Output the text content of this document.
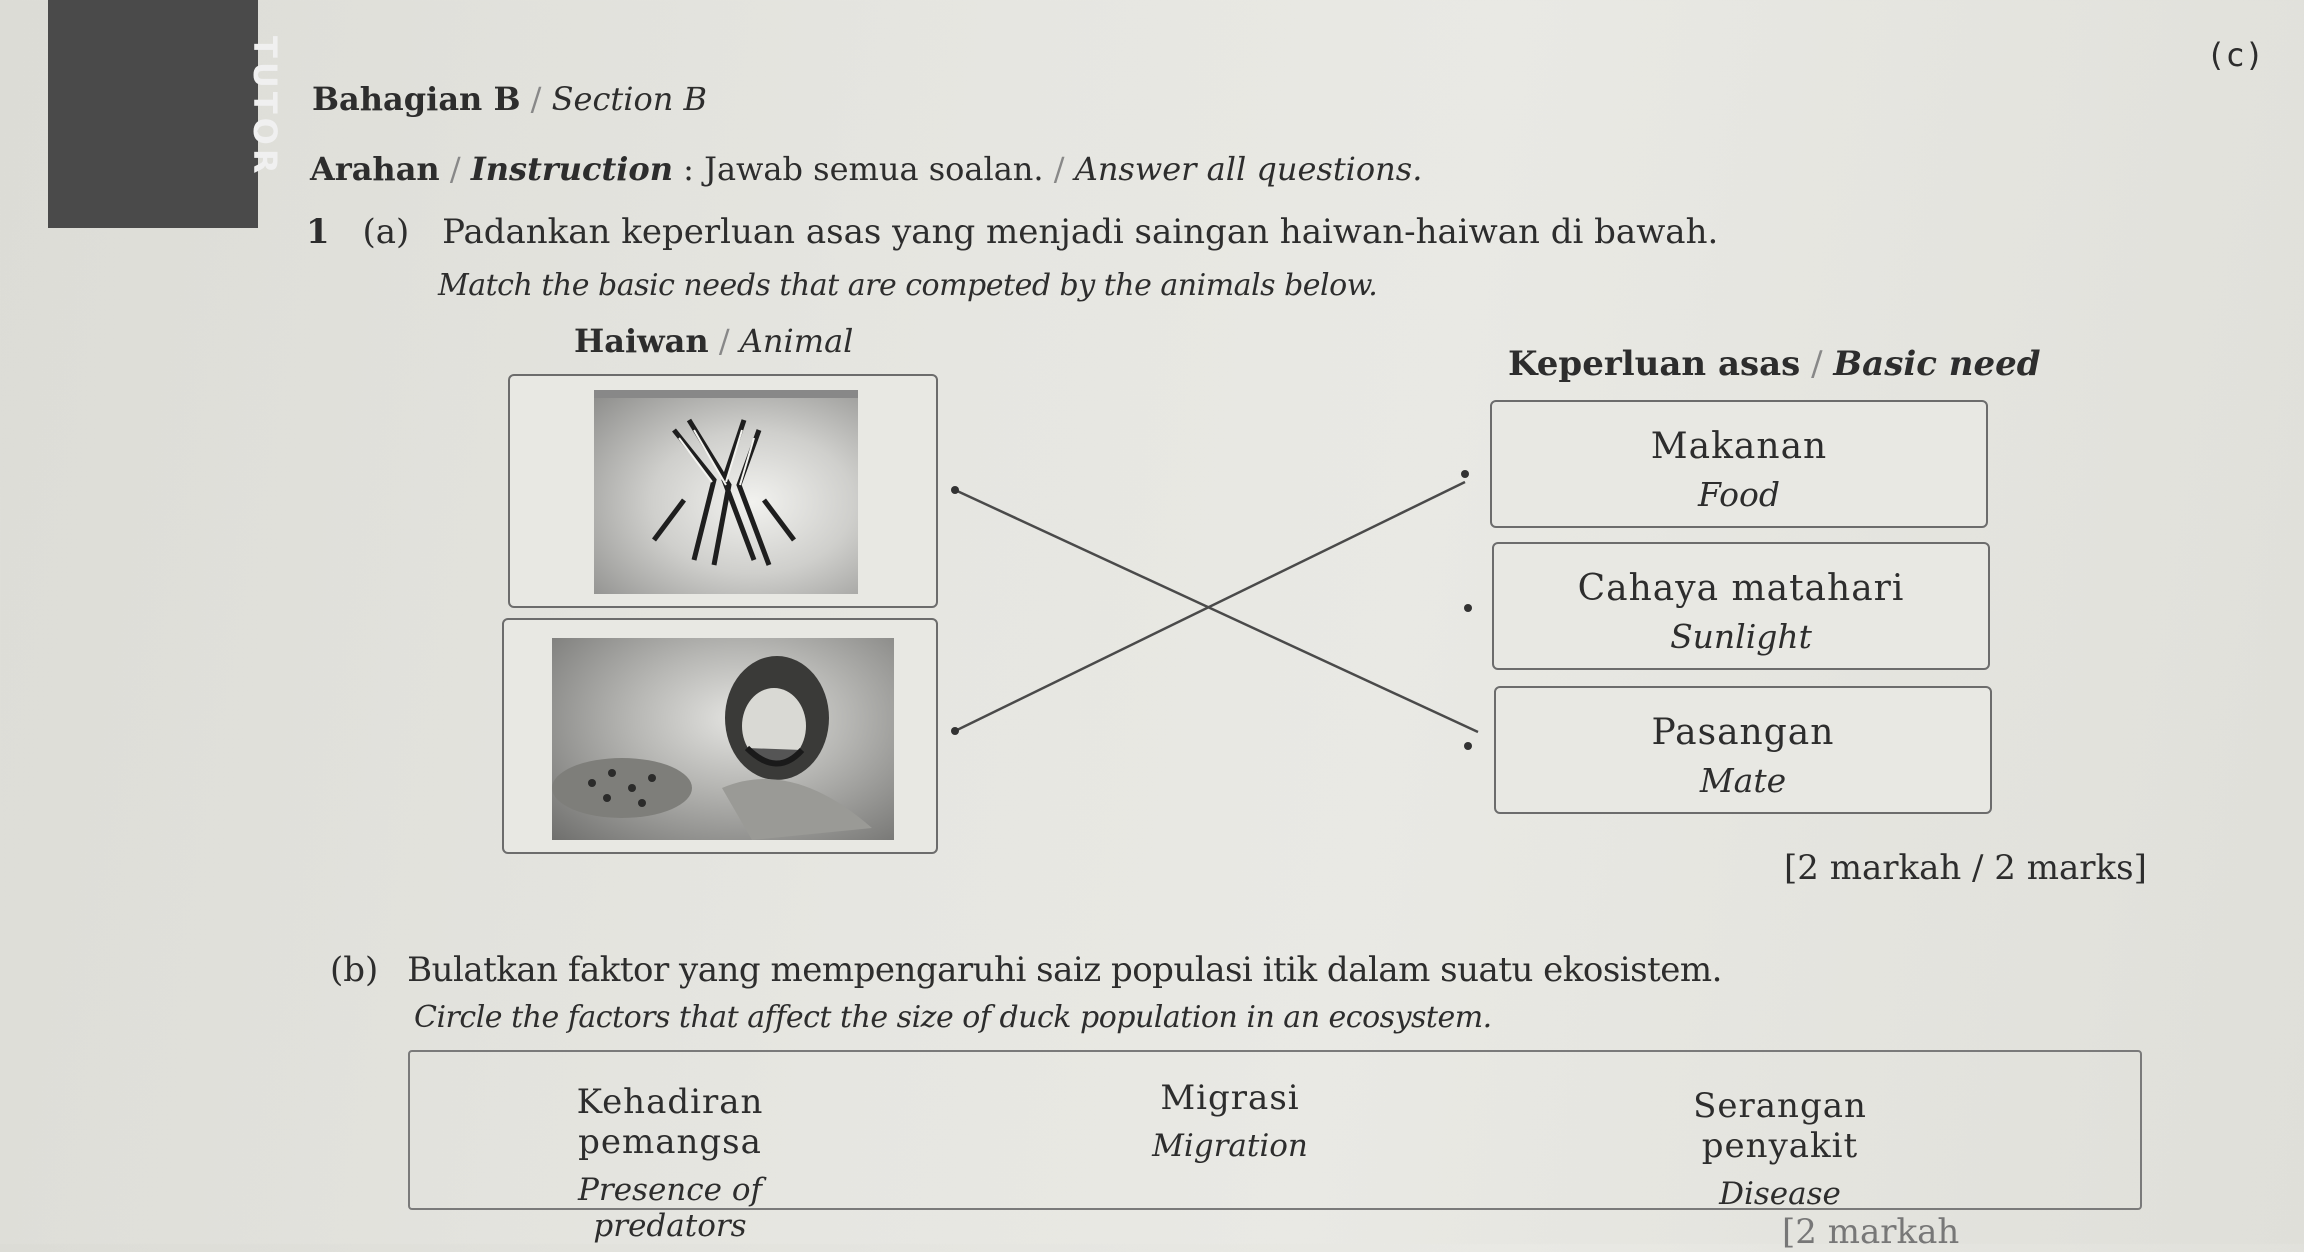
TUTOR	(c)
Bahagian B / Section B
Arahan / Instruction : Jawab semua soalan. / Answer all questions.
1 (a) Padankan keperluan asas yang menjadi saingan haiwan-haiwan di bawah.
Match the basic needs that are competed by the animals below.
Haiwan / Animal
Keperluan asas / Basic need
Makanan
Food
Cahaya matahari
Sunlight
Pasangan
Mate
[2 markah / 2 marks]
(b) Bulatkan faktor yang mempengaruhi saiz populasi itik dalam suatu ekosistem.
Circle the factors that affect the size of duck population in an ecosystem.
Kehadiran pemangsa
Presence of predators
Migrasi
Migration
Serangan penyakit
Disease
[2 markah
